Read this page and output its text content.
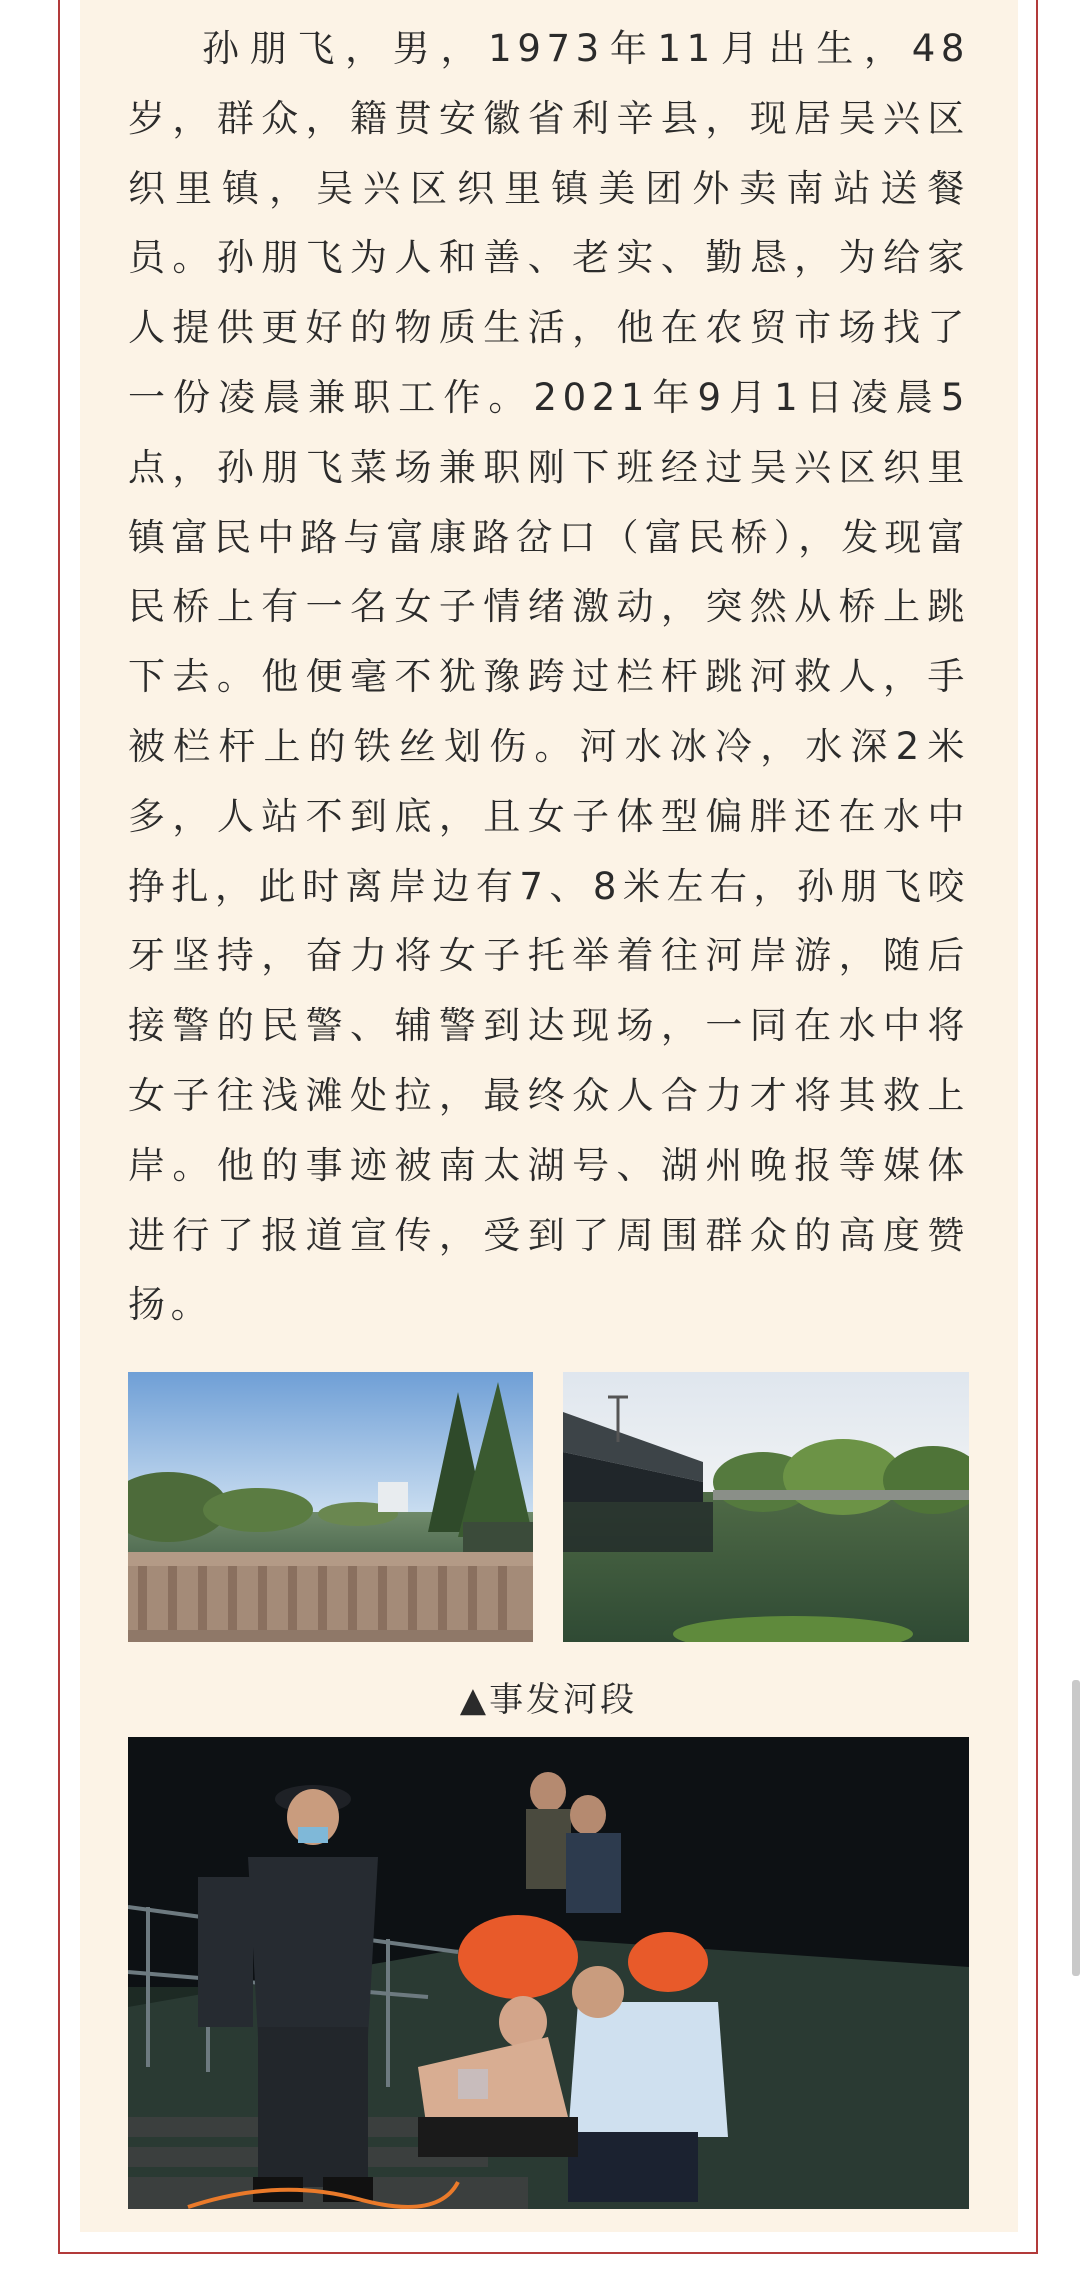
孙朋飞，男，1973年11月出生，48岁，群众，籍贯安徽省利辛县，现居吴兴区织里镇，吴兴区织里镇美团外卖南站送餐员。孙朋飞为人和善、老实、勤恳，为给家人提供更好的物质生活，他在农贸市场找了一份凌晨兼职工作。2021年9月1日凌晨5点，孙朋飞菜场兼职刚下班经过吴兴区织里镇富民中路与富康路岔口（富民桥），发现富民桥上有一名女子情绪激动，突然从桥上跳下去。他便毫不犹豫跨过栏杆跳河救人，手被栏杆上的铁丝划伤。河水冰冷，水深2米多，人站不到底，且女子体型偏胖还在水中挣扎，此时离岸边有7、8米左右，孙朋飞咬牙坚持，奋力将女子托举着往河岸游，随后接警的民警、辅警到达现场，一同在水中将女子往浅滩处拉，最终众人合力才将其救上岸。他的事迹被南太湖号、湖州晚报等媒体进行了报道宣传，受到了周围群众的高度赞扬。

▲事发河段
